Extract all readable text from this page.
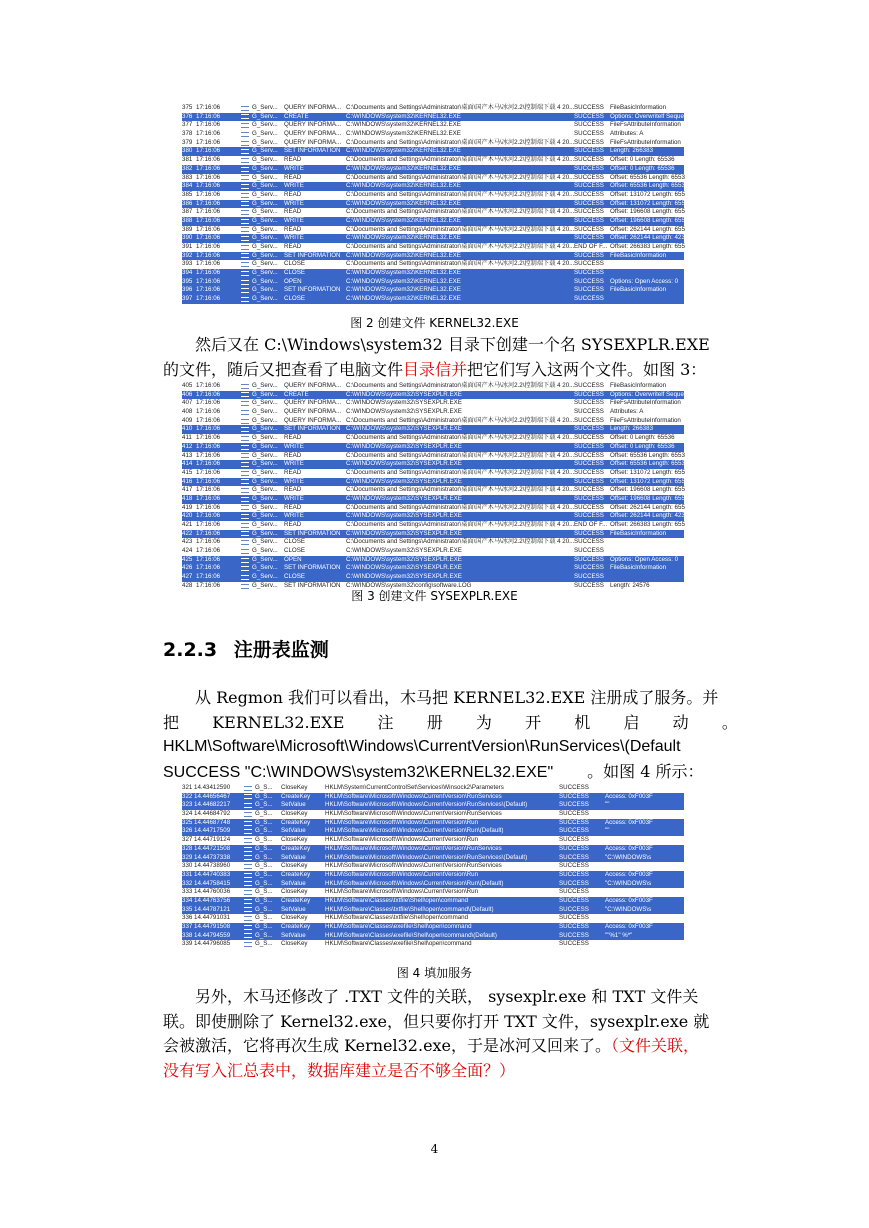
375 17:16:06	G_Serv...	QUERY INFORMA... C:\Documents and Settings\Administrator\桌面\国产木马\冰河2.2\控制端下载 4 20... SUCCESS FileBasicInformation
376 17:16:06	G_Serv...	CREATE	C:\WINDOWS\system32\KERNEL32.EXE	SUCCESS Options: Overwritelf Seque
377 17:16:06	G_Serv...	QUERY INFORMA... C:\WINDOWS\system32\KERNEL32.EXE	SUCCESS FileFsAttributeInformation
378 17:16:06	G_Serv...	QUERY INFORMA... C:\WINDOWS\system32\KERNEL32.EXE	SUCCESS Attributes: A
379 17:16:06	G_Serv...	QUERY INFORMA... C:\Documents and Settings\Administrator\桌面\国产木马\冰河2.2\控制端下载 4 20... SUCCESS FileFsAttributeInformation
380 17:16:06	G_Serv...	SET INFORMATION C:\WINDOWS\system32\KERNEL32.EXE	SUCCESS Length: 266383
381 17:16:06	G_Serv...	READ	C:\Documents and Settings\Administrator\桌面\国产木马\冰河2.2\控制端下载 4 20... SUCCESS Offset: 0 Length: 65536
382 17:16:06	G_Serv...	WRITE	C:\WINDOWS\system32\KERNEL32.EXE	SUCCESS Offset: 0 Length: 65536
383 17:16:06	G_Serv...	READ	C:\Documents and Settings\Administrator\桌面\国产木马\冰河2.2\控制端下载 4 20... SUCCESS Offset: 65536 Length: 6553
384 17:16:06	G_Serv...	WRITE	C:\WINDOWS\system32\KERNEL32.EXE	SUCCESS Offset: 65536 Length: 6553
385 17:16:06	G_Serv...	READ	C:\Documents and Settings\Administrator\桌面\国产木马\冰河2.2\控制端下载 4 20... SUCCESS Offset: 131072 Length: 655
386 17:16:06	G_Serv...	WRITE	C:\WINDOWS\system32\KERNEL32.EXE	SUCCESS Offset: 131072 Length: 655
387 17:16:06	G_Serv...	READ	C:\Documents and Settings\Administrator\桌面\国产木马\冰河2.2\控制端下载 4 20... SUCCESS Offset: 196608 Length: 655
388 17:16:06	G_Serv...	WRITE	C:\WINDOWS\system32\KERNEL32.EXE	SUCCESS Offset: 196608 Length: 655
389 17:16:06	G_Serv...	READ	C:\Documents and Settings\Administrator\桌面\国产木马\冰河2.2\控制端下载 4 20... SUCCESS Offset: 262144 Length: 655
390 17:16:06	G_Serv...	WRITE	C:\WINDOWS\system32\KERNEL32.EXE	SUCCESS Offset: 262144 Length: 423
391 17:16:06	G_Serv...	READ	C:\Documents and Settings\Administrator\桌面\国产木马\冰河2.2\控制端下载 4 20... END OF F... Offset: 266383 Length: 655
392 17:16:06	G_Serv...	SET INFORMATION C:\WINDOWS\system32\KERNEL32.EXE	SUCCESS FileBasicInformation
393 17:16:06	G_Serv...	CLOSE	C:\Documents and Settings\Administrator\桌面\国产木马\冰河2.2\控制端下载 4 20... SUCCESS
394 17:16:06	G_Serv...	CLOSE	C:\WINDOWS\system32\KERNEL32.EXE	SUCCESS
395 17:16:06	G_Serv...	OPEN	C:\WINDOWS\system32\KERNEL32.EXE	SUCCESS Options: Open Access: 0
396 17:16:06	G_Serv...	SET INFORMATION C:\WINDOWS\system32\KERNEL32.EXE	SUCCESS FileBasicInformation
397 17:16:06	G_Serv...	CLOSE	C:\WINDOWS\system32\KERNEL32.EXE	SUCCESS
图 2 创建文件 KERNEL32.EXE

然后又在 C:\Windows\system32 目录下创建一个名 SYSEXPLR.EXE

的文件，随后又把查看了电脑文件目录信并把它们写入这两个文件。如图 3：

405 17:16:06	G_Serv...	QUERY INFORMA... C:\Documents and Settings\Administrator\桌面\国产木马\冰河2.2\控制端下载 4 20... SUCCESS FileBasicInformation
406 17:16:06	G_Serv...	CREATE	C:\WINDOWS\system32\SYSEXPLR.EXE	SUCCESS Options: Overwritelf Seque
407 17:16:06	G_Serv...	QUERY INFORMA... C:\WINDOWS\system32\SYSEXPLR.EXE	SUCCESS FileFsAttributeInformation
408 17:16:06	G_Serv...	QUERY INFORMA... C:\WINDOWS\system32\SYSEXPLR.EXE	SUCCESS Attributes: A
409 17:16:06	G_Serv...	QUERY INFORMA... C:\Documents and Settings\Administrator\桌面\国产木马\冰河2.2\控制端下载 4 20... SUCCESS FileFsAttributeInformation
410 17:16:06	G_Serv...	SET INFORMATION C:\WINDOWS\system32\SYSEXPLR.EXE	SUCCESS Length: 266383
411 17:16:06	G_Serv...	READ	C:\Documents and Settings\Administrator\桌面\国产木马\冰河2.2\控制端下载 4 20... SUCCESS Offset: 0 Length: 65536
412 17:16:06	G_Serv...	WRITE	C:\WINDOWS\system32\SYSEXPLR.EXE	SUCCESS Offset: 0 Length: 65536
413 17:16:06	G_Serv...	READ	C:\Documents and Settings\Administrator\桌面\国产木马\冰河2.2\控制端下载 4 20... SUCCESS Offset: 65536 Length: 6553
414 17:16:06	G_Serv...	WRITE	C:\WINDOWS\system32\SYSEXPLR.EXE	SUCCESS Offset: 65536 Length: 6553
415 17:16:06	G_Serv...	READ	C:\Documents and Settings\Administrator\桌面\国产木马\冰河2.2\控制端下载 4 20... SUCCESS Offset: 131072 Length: 655
416 17:16:06	G_Serv...	WRITE	C:\WINDOWS\system32\SYSEXPLR.EXE	SUCCESS Offset: 131072 Length: 655
417 17:16:06	G_Serv...	READ	C:\Documents and Settings\Administrator\桌面\国产木马\冰河2.2\控制端下载 4 20... SUCCESS Offset: 196608 Length: 655
418 17:16:06	G_Serv...	WRITE	C:\WINDOWS\system32\SYSEXPLR.EXE	SUCCESS Offset: 196608 Length: 655
419 17:16:06	G_Serv...	READ	C:\Documents and Settings\Administrator\桌面\国产木马\冰河2.2\控制端下载 4 20... SUCCESS Offset: 262144 Length: 655
420 17:16:06	G_Serv...	WRITE	C:\WINDOWS\system32\SYSEXPLR.EXE	SUCCESS Offset: 262144 Length: 423
421 17:16:06	G_Serv...	READ	C:\Documents and Settings\Administrator\桌面\国产木马\冰河2.2\控制端下载 4 20... END OF F... Offset: 266383 Length: 655
422 17:16:06	G_Serv...	SET INFORMATION C:\WINDOWS\system32\SYSEXPLR.EXE	SUCCESS FileBasicInformation
423 17:16:06	G_Serv...	CLOSE	C:\Documents and Settings\Administrator\桌面\国产木马\冰河2.2\控制端下载 4 20... SUCCESS
424 17:16:06	G_Serv...	CLOSE	C:\WINDOWS\system32\SYSEXPLR.EXE	SUCCESS
425 17:16:06	G_Serv...	OPEN	C:\WINDOWS\system32\SYSEXPLR.EXE	SUCCESS Options: Open Access: 0
426 17:16:06	G_Serv...	SET INFORMATION C:\WINDOWS\system32\SYSEXPLR.EXE	SUCCESS FileBasicInformation
427 17:16:06	G_Serv...	CLOSE	C:\WINDOWS\system32\SYSEXPLR.EXE	SUCCESS
428 17:16:06	G_Serv...	SET INFORMATION C:\WINDOWS\system32\config\software.LOG	SUCCESS Length: 24576
图 3 创建文件 SYSEXPLR.EXE
2.2.3 注册表监测

从 Regmon 我们可以看出，木马把 KERNEL32.EXE 注册成了服务。并

把 KERNEL32.EXE 注 册 为 开 机 启 动 。

HKLM\Software\Microsoft\Windows\CurrentVersion\RunServices\(Default

SUCCESS "C:\WINDOWS\system32\KERNEL32.EXE" 。如图 4 所示：

321 14.43412590	G_S...	CloseKey	HKLM\System\CurrentControlSet\Services\Winsock2\Parameters	SUCCESS
322 14.44656467	G_S...	CreateKey	HKLM\Software\Microsoft\Windows\CurrentVersion\RunServices	SUCCESS	Access: 0xF003F
323 14.44682217	G_S...	SetValue	HKLM\Software\Microsoft\Windows\CurrentVersion\RunServices\(Default)	SUCCESS	""
324 14.44684792	G_S...	CloseKey	HKLM\Software\Microsoft\Windows\CurrentVersion\RunServices	SUCCESS
325 14.44687748	G_S...	CreateKey	HKLM\Software\Microsoft\Windows\CurrentVersion\Run	SUCCESS	Access: 0xF003F
326 14.44717509	G_S...	SetValue	HKLM\Software\Microsoft\Windows\CurrentVersion\Run\(Default)	SUCCESS	""
327 14.44719124	G_S...	CloseKey	HKLM\Software\Microsoft\Windows\CurrentVersion\Run	SUCCESS
328 14.44721508	G_S...	CreateKey	HKLM\Software\Microsoft\Windows\CurrentVersion\RunServices	SUCCESS	Access: 0xF003F
329 14.44737338	G_S...	SetValue	HKLM\Software\Microsoft\Windows\CurrentVersion\RunServices\(Default)	SUCCESS	"C:\WINDOWS\s
330 14.44738960	G_S...	CloseKey	HKLM\Software\Microsoft\Windows\CurrentVersion\RunServices	SUCCESS
331 14.44740383	G_S...	CreateKey	HKLM\Software\Microsoft\Windows\CurrentVersion\Run	SUCCESS	Access: 0xF003F
332 14.44758415	G_S...	SetValue	HKLM\Software\Microsoft\Windows\CurrentVersion\Run\(Default)	SUCCESS	"C:\WINDOWS\s
333 14.44760036	G_S...	CloseKey	HKLM\Software\Microsoft\Windows\CurrentVersion\Run	SUCCESS
334 14.44763756	G_S...	CreateKey	HKLM\Software\Classes\txtfile\Shell\open\command	SUCCESS	Access: 0xF003F
335 14.44787121	G_S...	SetValue	HKLM\Software\Classes\txtfile\Shell\open\command\(Default)	SUCCESS	"C:\WINDOWS\s
336 14.44791031	G_S...	CloseKey	HKLM\Software\Classes\txtfile\Shell\open\command	SUCCESS
337 14.44791508	G_S...	CreateKey	HKLM\Software\Classes\exefile\Shell\open\command	SUCCESS	Access: 0xF003F
338 14.44794559	G_S...	SetValue	HKLM\Software\Classes\exefile\Shell\open\command\(Default)	SUCCESS	""%1" %*"
339 14.44796085	G_S...	CloseKey	HKLM\Software\Classes\exefile\Shell\open\command	SUCCESS
图 4 填加服务

另外，木马还修改了 .TXT 文件的关联， sysexplr.exe 和 TXT 文件关

联。即使删除了 Kernel32.exe，但只要你打开 TXT 文件，sysexplr.exe 就

会被激活，它将再次生成 Kernel32.exe，于是冰河又回来了。（文件关联，

没有写入汇总表中，数据库建立是否不够全面？）

4
